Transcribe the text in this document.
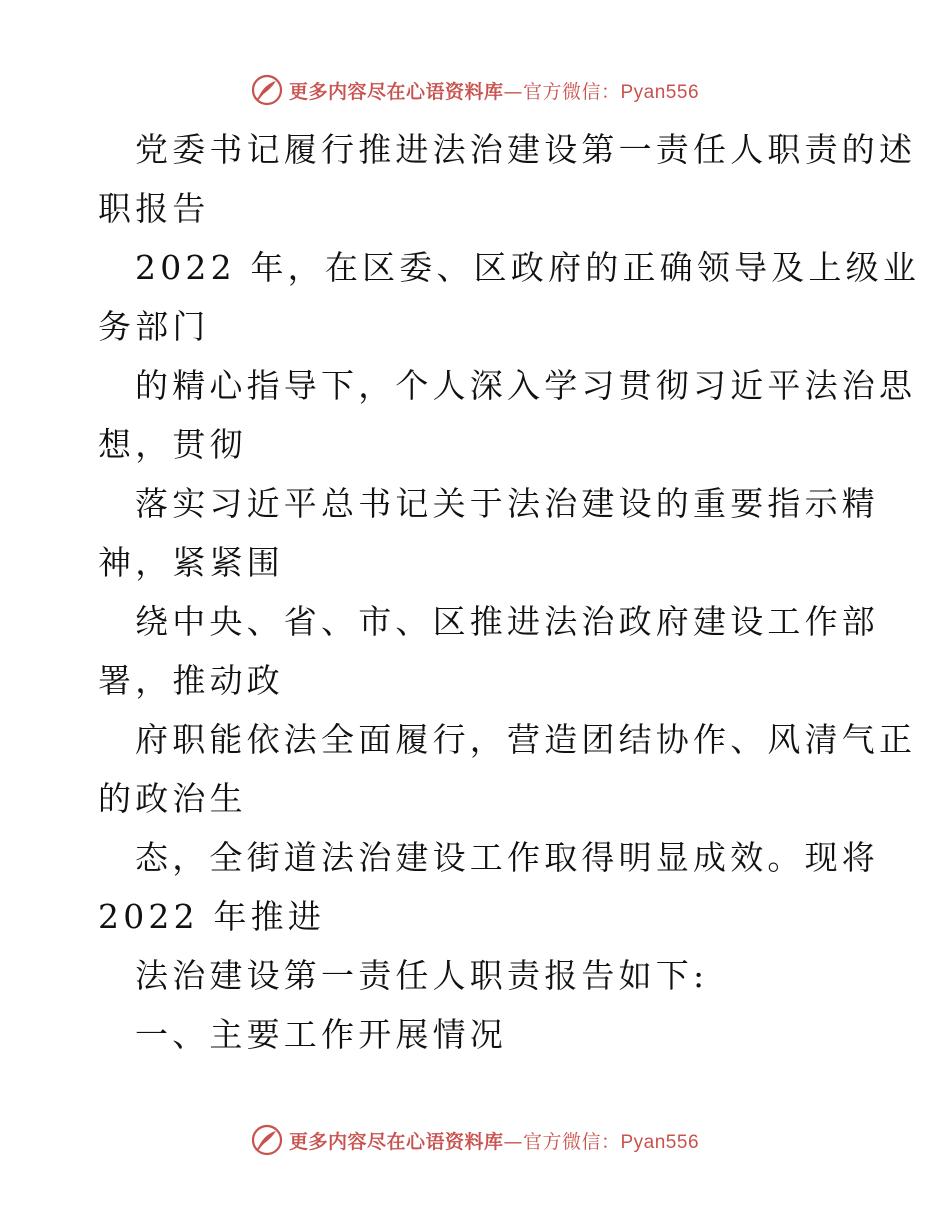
更多内容尽在心语资料库—官方微信：Pyan556
党委书记履行推进法治建设第一责任人职责的述
职报告
2022 年，在区委、区政府的正确领导及上级业
务部门
的精心指导下，个人深入学习贯彻习近平法治思
想，贯彻
落实习近平总书记关于法治建设的重要指示精
神，紧紧围
绕中央、省、市、区推进法治政府建设工作部
署，推动政
府职能依法全面履行，营造团结协作、风清气正
的政治生
态，全街道法治建设工作取得明显成效。现将
2022 年推进
法治建设第一责任人职责报告如下:
一、主要工作开展情况
更多内容尽在心语资料库—官方微信：Pyan556
